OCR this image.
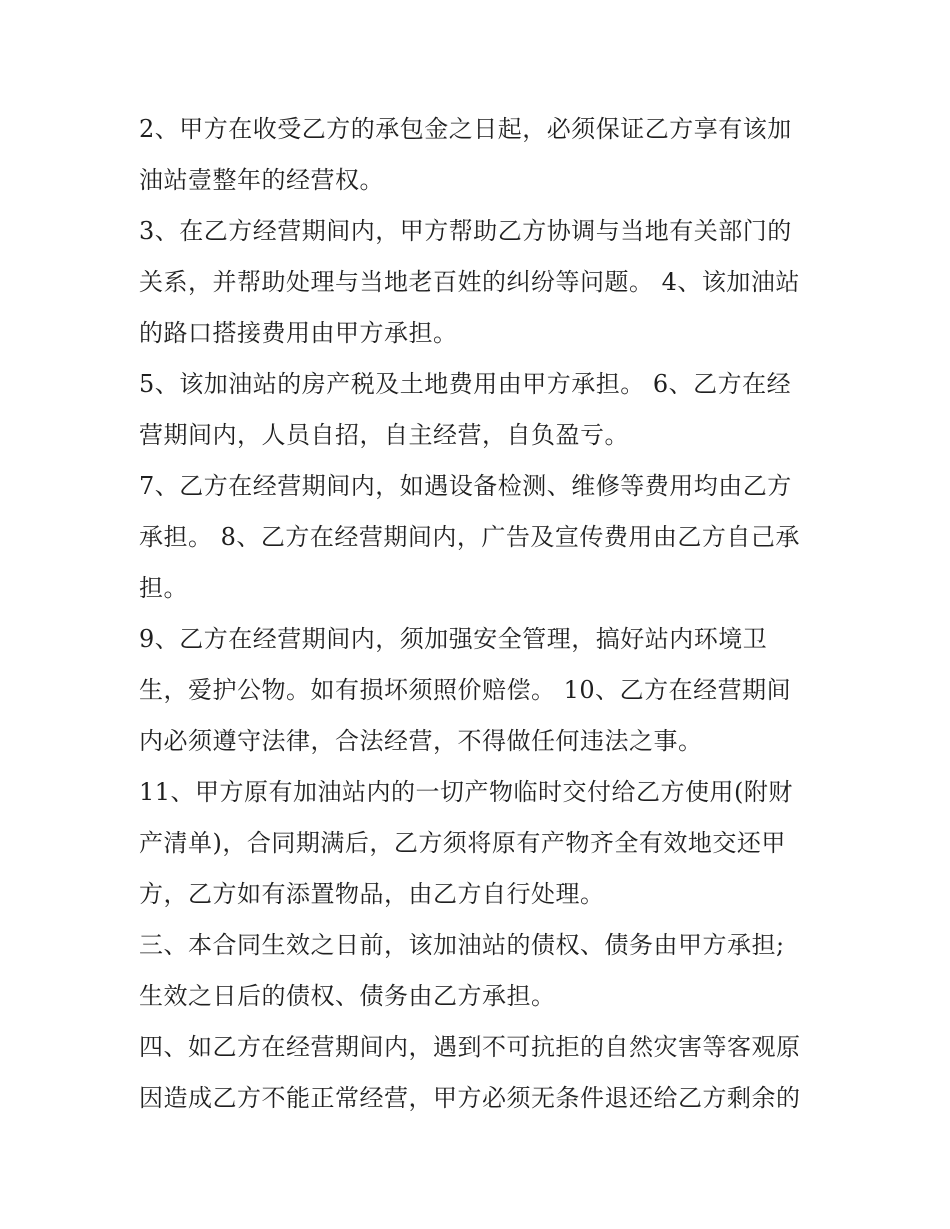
2、甲方在收受乙方的承包金之日起，必须保证乙方享有该加
油站壹整年的经营权。
3、在乙方经营期间内，甲方帮助乙方协调与当地有关部门的
关系，并帮助处理与当地老百姓的纠纷等问题。 4、该加油站
的路口搭接费用由甲方承担。
5、该加油站的房产税及土地费用由甲方承担。 6、乙方在经
营期间内，人员自招，自主经营，自负盈亏。
7、乙方在经营期间内，如遇设备检测、维修等费用均由乙方
承担。 8、乙方在经营期间内，广告及宣传费用由乙方自己承
担。
9、乙方在经营期间内，须加强安全管理，搞好站内环境卫
生，爱护公物。如有损坏须照价赔偿。 10、乙方在经营期间
内必须遵守法律，合法经营，不得做任何违法之事。
11、甲方原有加油站内的一切产物临时交付给乙方使用(附财
产清单)，合同期满后，乙方须将原有产物齐全有效地交还甲
方，乙方如有添置物品，由乙方自行处理。
三、本合同生效之日前，该加油站的债权、债务由甲方承担;
生效之日后的债权、债务由乙方承担。
四、如乙方在经营期间内，遇到不可抗拒的自然灾害等客观原
因造成乙方不能正常经营，甲方必须无条件退还给乙方剩余的
